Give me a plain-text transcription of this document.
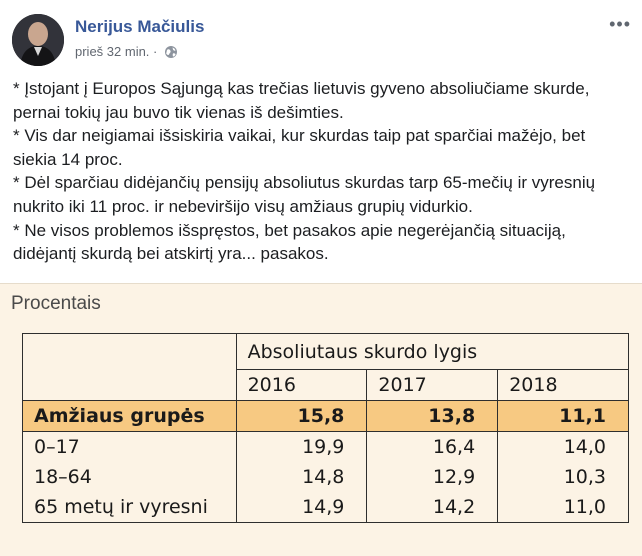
Nerijus Mačiulis
prieš 32 min. ·
•••

* Įstojant į Europos Sąjungą kas trečias lietuvis gyveno absoliučiame skurde, pernai tokių jau buvo tik vienas iš dešimties.

* Vis dar neigiamai išsiskiria vaikai, kur skurdas taip pat sparčiai mažėjo, bet siekia 14 proc.

* Dėl sparčiau didėjančių pensijų absoliutus skurdas tarp 65-mečių ir vyresnių nukrito iki 11 proc. ir nebeviršijo visų amžiaus grupių vidurkio.

* Ne visos problemos išspręstos, bet pasakos apie negerėjančią situaciją, didėjantį skurdą bei atskirtį yra... pasakos.

Procentais
	Absoliutaus skurdo lygis		
	2016	2017	2018
Amžiaus grupės	15,8	13,8	11,1
0–17	19,9	16,4	14,0
18–64	14,8	12,9	10,3
65 metų ir vyresni	14,9	14,2	11,0
